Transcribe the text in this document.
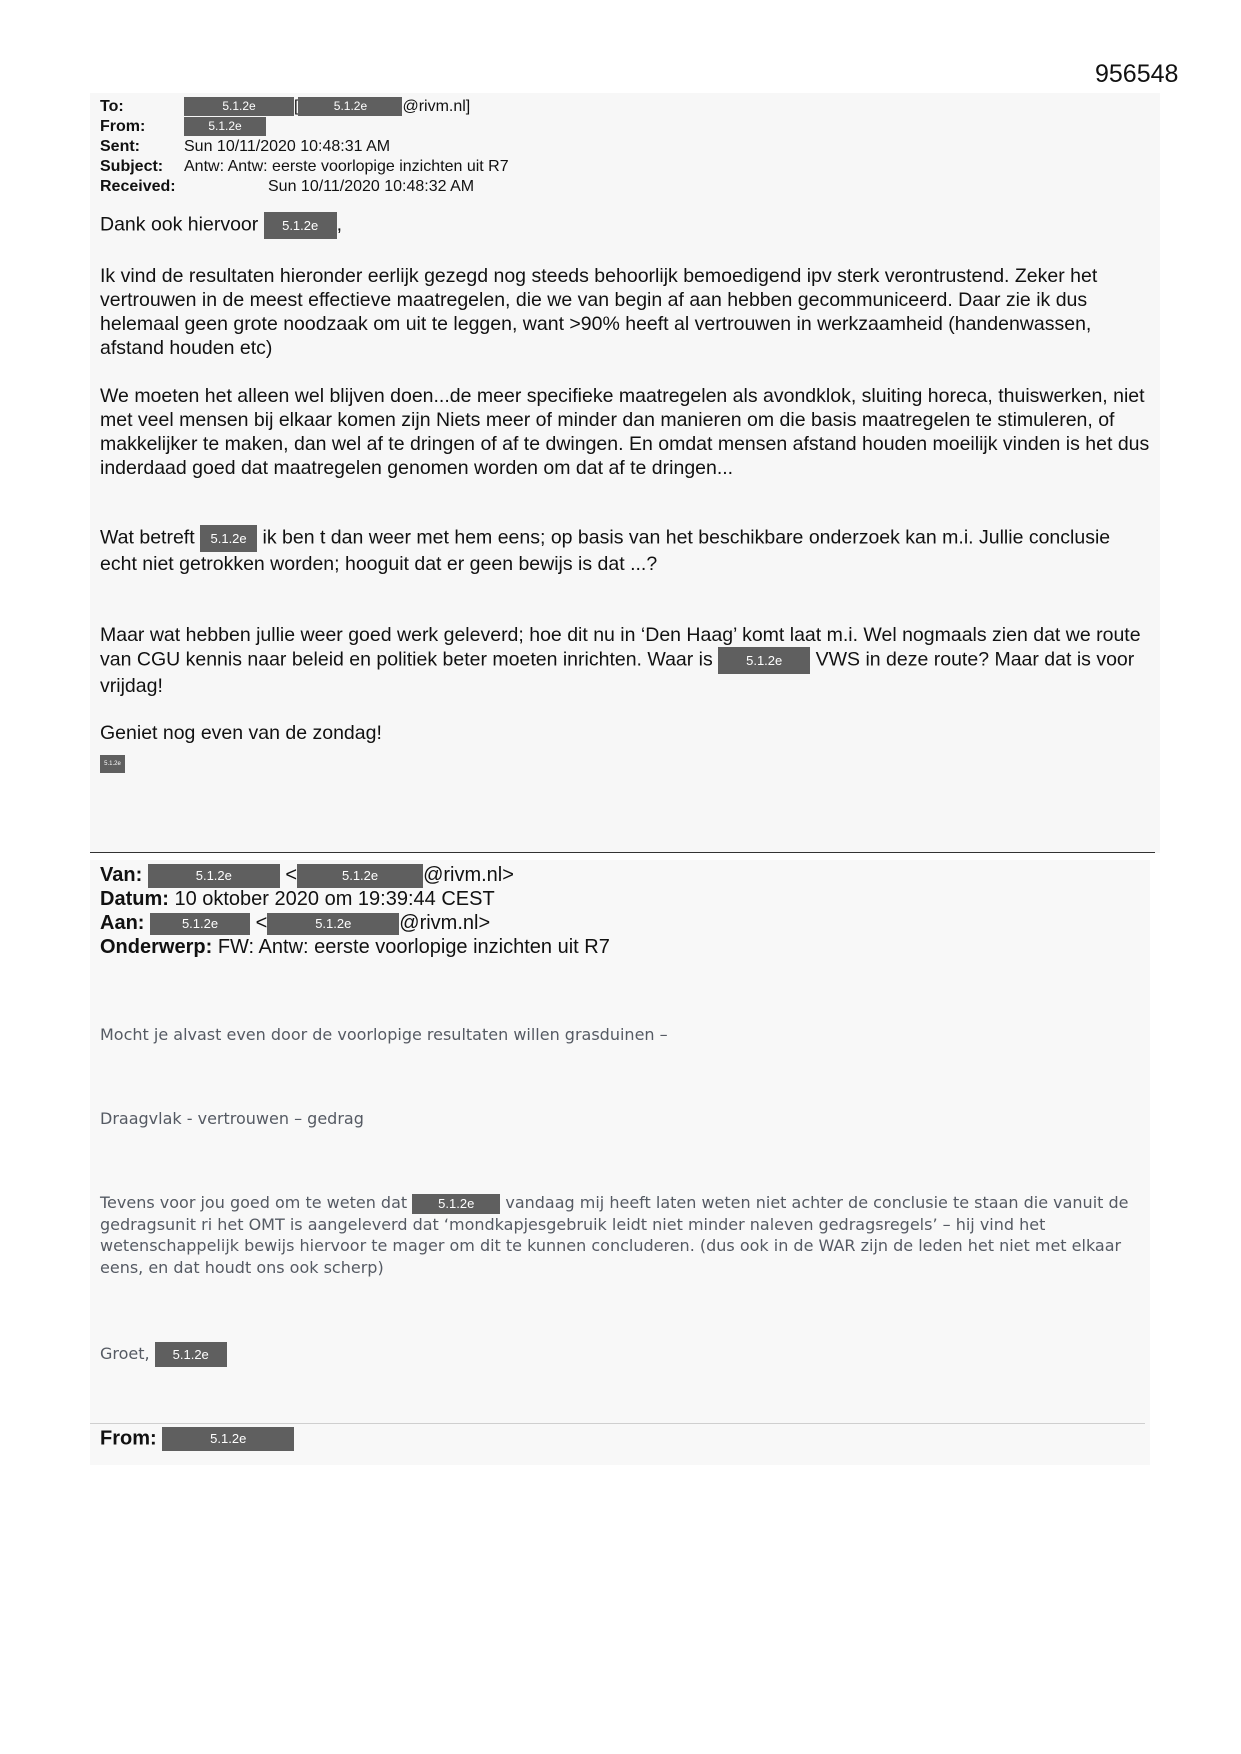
956548
To:	5.1.2e [	5.1.2e @rivm.nl]
From:	5.1.2e
Sent:	Sun 10/11/2020 10:48:31 AM
Subject: Antw: Antw: eerste voorlopige inzichten uit R7
Received:	Sun 10/11/2020 10:48:32 AM
Dank ook hiervoor 5.1.2e ,

Ik vind de resultaten hieronder eerlijk gezegd nog steeds behoorlijk bemoedigend ipv sterk verontrustend. Zeker het vertrouwen in de meest effectieve maatregelen, die we van begin af aan hebben gecommuniceerd. Daar zie ik dus helemaal geen grote noodzaak om uit te leggen, want >90% heeft al vertrouwen in werkzaamheid (handenwassen, afstand houden etc)

We moeten het alleen wel blijven doen...de meer specifieke maatregelen als avondklok, sluiting horeca, thuiswerken, niet met veel mensen bij elkaar komen zijn Niets meer of minder dan manieren om die basis maatregelen te stimuleren, of makkelijker te maken, dan wel af te dringen of af te dwingen. En omdat mensen afstand houden moeilijk vinden is het dus inderdaad goed dat maatregelen genomen worden om dat af te dringen...

Wat betreft 5.1.2e ik ben t dan weer met hem eens; op basis van het beschikbare onderzoek kan m.i. Jullie conclusie echt niet getrokken worden; hooguit dat er geen bewijs is dat ...?
Maar wat hebben jullie weer goed werk geleverd; hoe dit nu in ‘Den Haag’ komt laat m.i. Wel nogmaals zien dat we route van CGU kennis naar beleid en politiek beter moeten inrichten. Waar is	5.1.2e VWS in deze route? Maar dat is voor vrijdag!

Geniet nog even van de zondag!

5.1.2e
Van:	5.1.2e	<	5.1.2e @rivm.nl>
Datum: 10 oktober 2020 om 19:39:44 CEST
Aan:	5.1.2e <	5.1.2e @rivm.nl>
Onderwerp: FW: Antw: eerste voorlopige inzichten uit R7

Mocht je alvast even door de voorlopige resultaten willen grasduinen –

Draagvlak - vertrouwen – gedrag

Tevens voor jou goed om te weten dat 5.1.2e vandaag mij heeft laten weten niet achter de conclusie te staan die vanuit de gedragsunit ri het OMT is aangeleverd dat ‘mondkapjesgebruik leidt niet minder naleven gedragsregels’ – hij vind het wetenschappelijk bewijs hiervoor te mager om dit te kunnen concluderen. (dus ook in de WAR zijn de leden het niet met elkaar eens, en dat houdt ons ook scherp)
Groet, 5.1.2e
From:	5.1.2e
